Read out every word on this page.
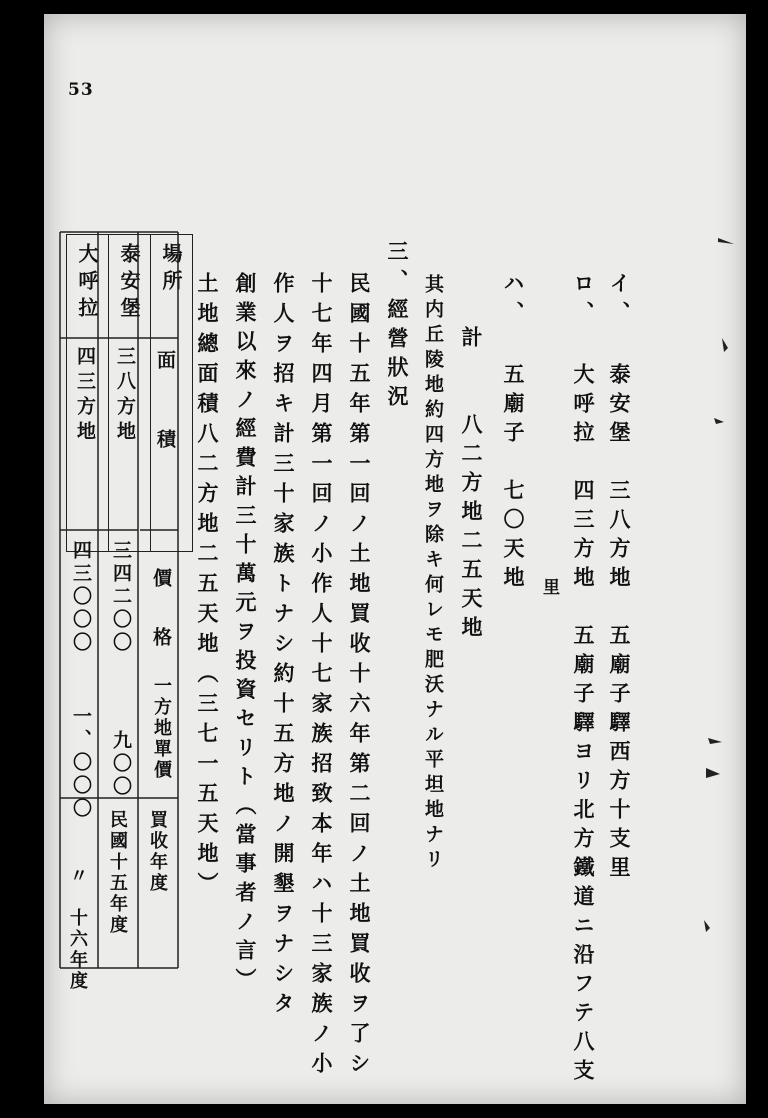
53
イ、 泰安堡　三八方地　五廟子驛西方十支里
ロ、 大呼拉　四三方地　五廟子驛ヨリ北方鐵道ニ沿フテ八支
里
ハ、 五廟子　七〇天地
計　　八二方地二五天地
其内丘陵地約四方地ヲ除キ何レモ肥沃ナル平坦地ナリ
三、經營狀況
民國十五年第一回ノ土地買收十六年第二回ノ土地買收ヲ了シ
十七年四月第一回ノ小作人十七家族招致本年ハ十三家族ノ小
作人ヲ招キ計三十家族トナシ約十五方地ノ開墾ヲナシタ
創業以來ノ經費計三十萬元ヲ投資セリト（當事者ノ言）
土地總面積八二方地二五天地（三七一五天地）
大呼拉	泰安堡	場所
四三方地 三八方地 面積
四三〇〇〇 三四二〇〇 價格
一、〇〇〇 九〇〇 一方地單價
〃　十六年度 民國十五年度 買收年度
